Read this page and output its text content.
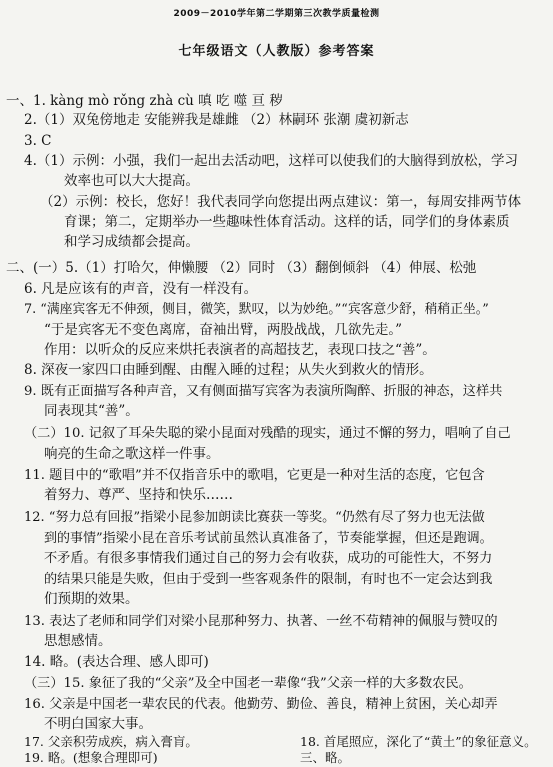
2009－2010学年第二学期第三次教学质量检测
七年级语文（人教版）参考答案
一、1. kàng mò rǒng zhà cù 嗔 吃 噬 亘 秽
2.（1）双兔傍地走 安能辨我是雄雌 （2）林嗣环 张潮 虞初新志
3. C
4.（1）示例：小强，我们一起出去活动吧，这样可以使我们的大脑得到放松，学习
效率也可以大大提高。
（2）示例：校长，您好！我代表同学向您提出两点建议：第一，每周安排两节体
育课；第二，定期举办一些趣味性体育活动。这样的话，同学们的身体素质
和学习成绩都会提高。
二、(一）5.（1）打哈欠，伸懒腰 （2）同时 （3）翻倒倾斜 （4）伸展、松弛
6. 凡是应该有的声音，没有一样没有。
7. “满座宾客无不伸颈，侧目，微笑，默叹，以为妙绝。”“宾客意少舒，稍稍正坐。”
“于是宾客无不变色离席，奋袖出臂，两股战战，几欲先走。”
作用：以听众的反应来烘托表演者的高超技艺，表现口技之“善”。
8. 深夜一家四口由睡到醒、由醒入睡的过程；从失火到救火的情形。
9. 既有正面描写各种声音，又有侧面描写宾客为表演所陶醉、折服的神态，这样共
同表现其“善”。
（二）10. 记叙了耳朵失聪的梁小昆面对残酷的现实，通过不懈的努力，唱响了自己
响亮的生命之歌这样一件事。
11. 题目中的“歌唱”并不仅指音乐中的歌唱，它更是一种对生活的态度，它包含
着努力、尊严、坚持和快乐……
12. “努力总有回报”指梁小昆参加朗读比赛获一等奖。“仍然有尽了努力也无法做
到的事情”指梁小昆在音乐考试前虽然认真准备了，节奏能掌握，但还是跑调。
不矛盾。有很多事情我们通过自己的努力会有收获，成功的可能性大，不努力
的结果只能是失败，但由于受到一些客观条件的限制，有时也不一定会达到我
们预期的效果。
13. 表达了老师和同学们对梁小昆那种努力、执著、一丝不苟精神的佩服与赞叹的
思想感情。
14. 略。(表达合理、感人即可)
（三）15. 象征了我的“父亲”及全中国老一辈像“我”父亲一样的大多数农民。
16. 父亲是中国老一辈农民的代表。他勤劳、勤俭、善良，精神上贫困，关心却弄
不明白国家大事。
17. 父亲积劳成疾，病入膏肓。	18. 首尾照应，深化了“黄土”的象征意义。
19. 略。(想象合理即可)	三、略。
